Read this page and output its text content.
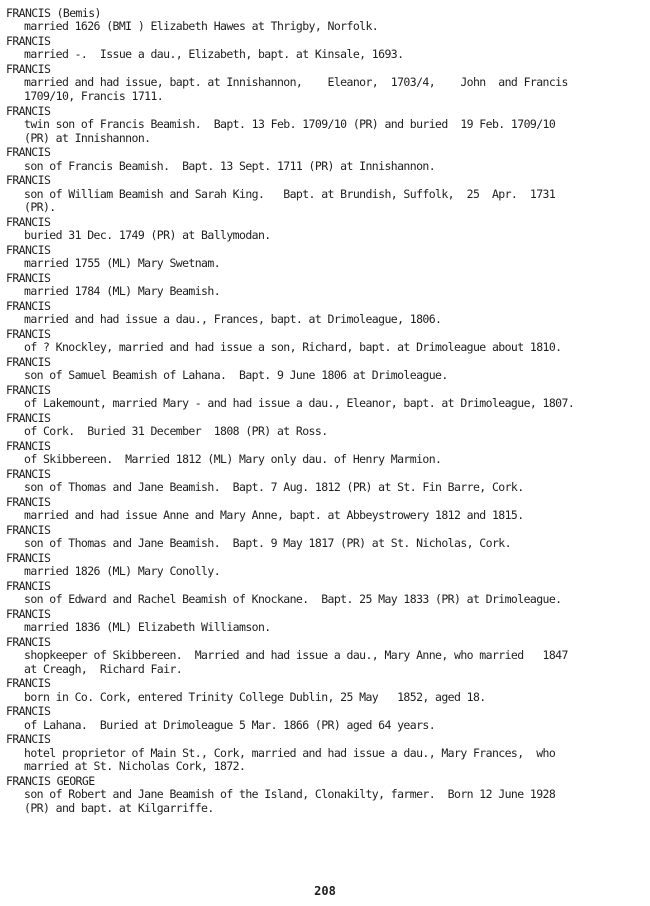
FRANCIS (Bemis)
married 1626 (BMI ) Elizabeth Hawes at Thrigby, Norfolk.
FRANCIS
married -.  Issue a dau., Elizabeth, bapt. at Kinsale, 1693.
FRANCIS
married and had issue, bapt. at Innishannon,    Eleanor,  1703/4,    John  and Francis
1709/10, Francis 1711.
FRANCIS
twin son of Francis Beamish.  Bapt. 13 Feb. 1709/10 (PR) and buried  19 Feb. 1709/10
(PR) at Innishannon.
FRANCIS
son of Francis Beamish.  Bapt. 13 Sept. 1711 (PR) at Innishannon.
FRANCIS
son of William Beamish and Sarah King.   Bapt. at Brundish, Suffolk,  25  Apr.  1731
(PR).
FRANCIS
buried 31 Dec. 1749 (PR) at Ballymodan.
FRANCIS
married 1755 (ML) Mary Swetnam.
FRANCIS
married 1784 (ML) Mary Beamish.
FRANCIS
married and had issue a dau., Frances, bapt. at Drimoleague, 1806.
FRANCIS
of ? Knockley, married and had issue a son, Richard, bapt. at Drimoleague about 1810.
FRANCIS
son of Samuel Beamish of Lahana.  Bapt. 9 June 1806 at Drimoleague.
FRANCIS
of Lakemount, married Mary - and had issue a dau., Eleanor, bapt. at Drimoleague, 1807.
FRANCIS
of Cork.  Buried 31 December  1808 (PR) at Ross.
FRANCIS
of Skibbereen.  Married 1812 (ML) Mary only dau. of Henry Marmion.
FRANCIS
son of Thomas and Jane Beamish.  Bapt. 7 Aug. 1812 (PR) at St. Fin Barre, Cork.
FRANCIS
married and had issue Anne and Mary Anne, bapt. at Abbeystrowery 1812 and 1815.
FRANCIS
son of Thomas and Jane Beamish.  Bapt. 9 May 1817 (PR) at St. Nicholas, Cork.
FRANCIS
married 1826 (ML) Mary Conolly.
FRANCIS
son of Edward and Rachel Beamish of Knockane.  Bapt. 25 May 1833 (PR) at Drimoleague.
FRANCIS
married 1836 (ML) Elizabeth Williamson.
FRANCIS
shopkeeper of Skibbereen.  Married and had issue a dau., Mary Anne, who married   1847
at Creagh,  Richard Fair.
FRANCIS
born in Co. Cork, entered Trinity College Dublin, 25 May   1852, aged 18.
FRANCIS
of Lahana.  Buried at Drimoleague 5 Mar. 1866 (PR) aged 64 years.
FRANCIS
hotel proprietor of Main St., Cork, married and had issue a dau., Mary Frances,  who
married at St. Nicholas Cork, 1872.
FRANCIS GEORGE
son of Robert and Jane Beamish of the Island, Clonakilty, farmer.  Born 12 June 1928
(PR) and bapt. at Kilgarriffe.
208
